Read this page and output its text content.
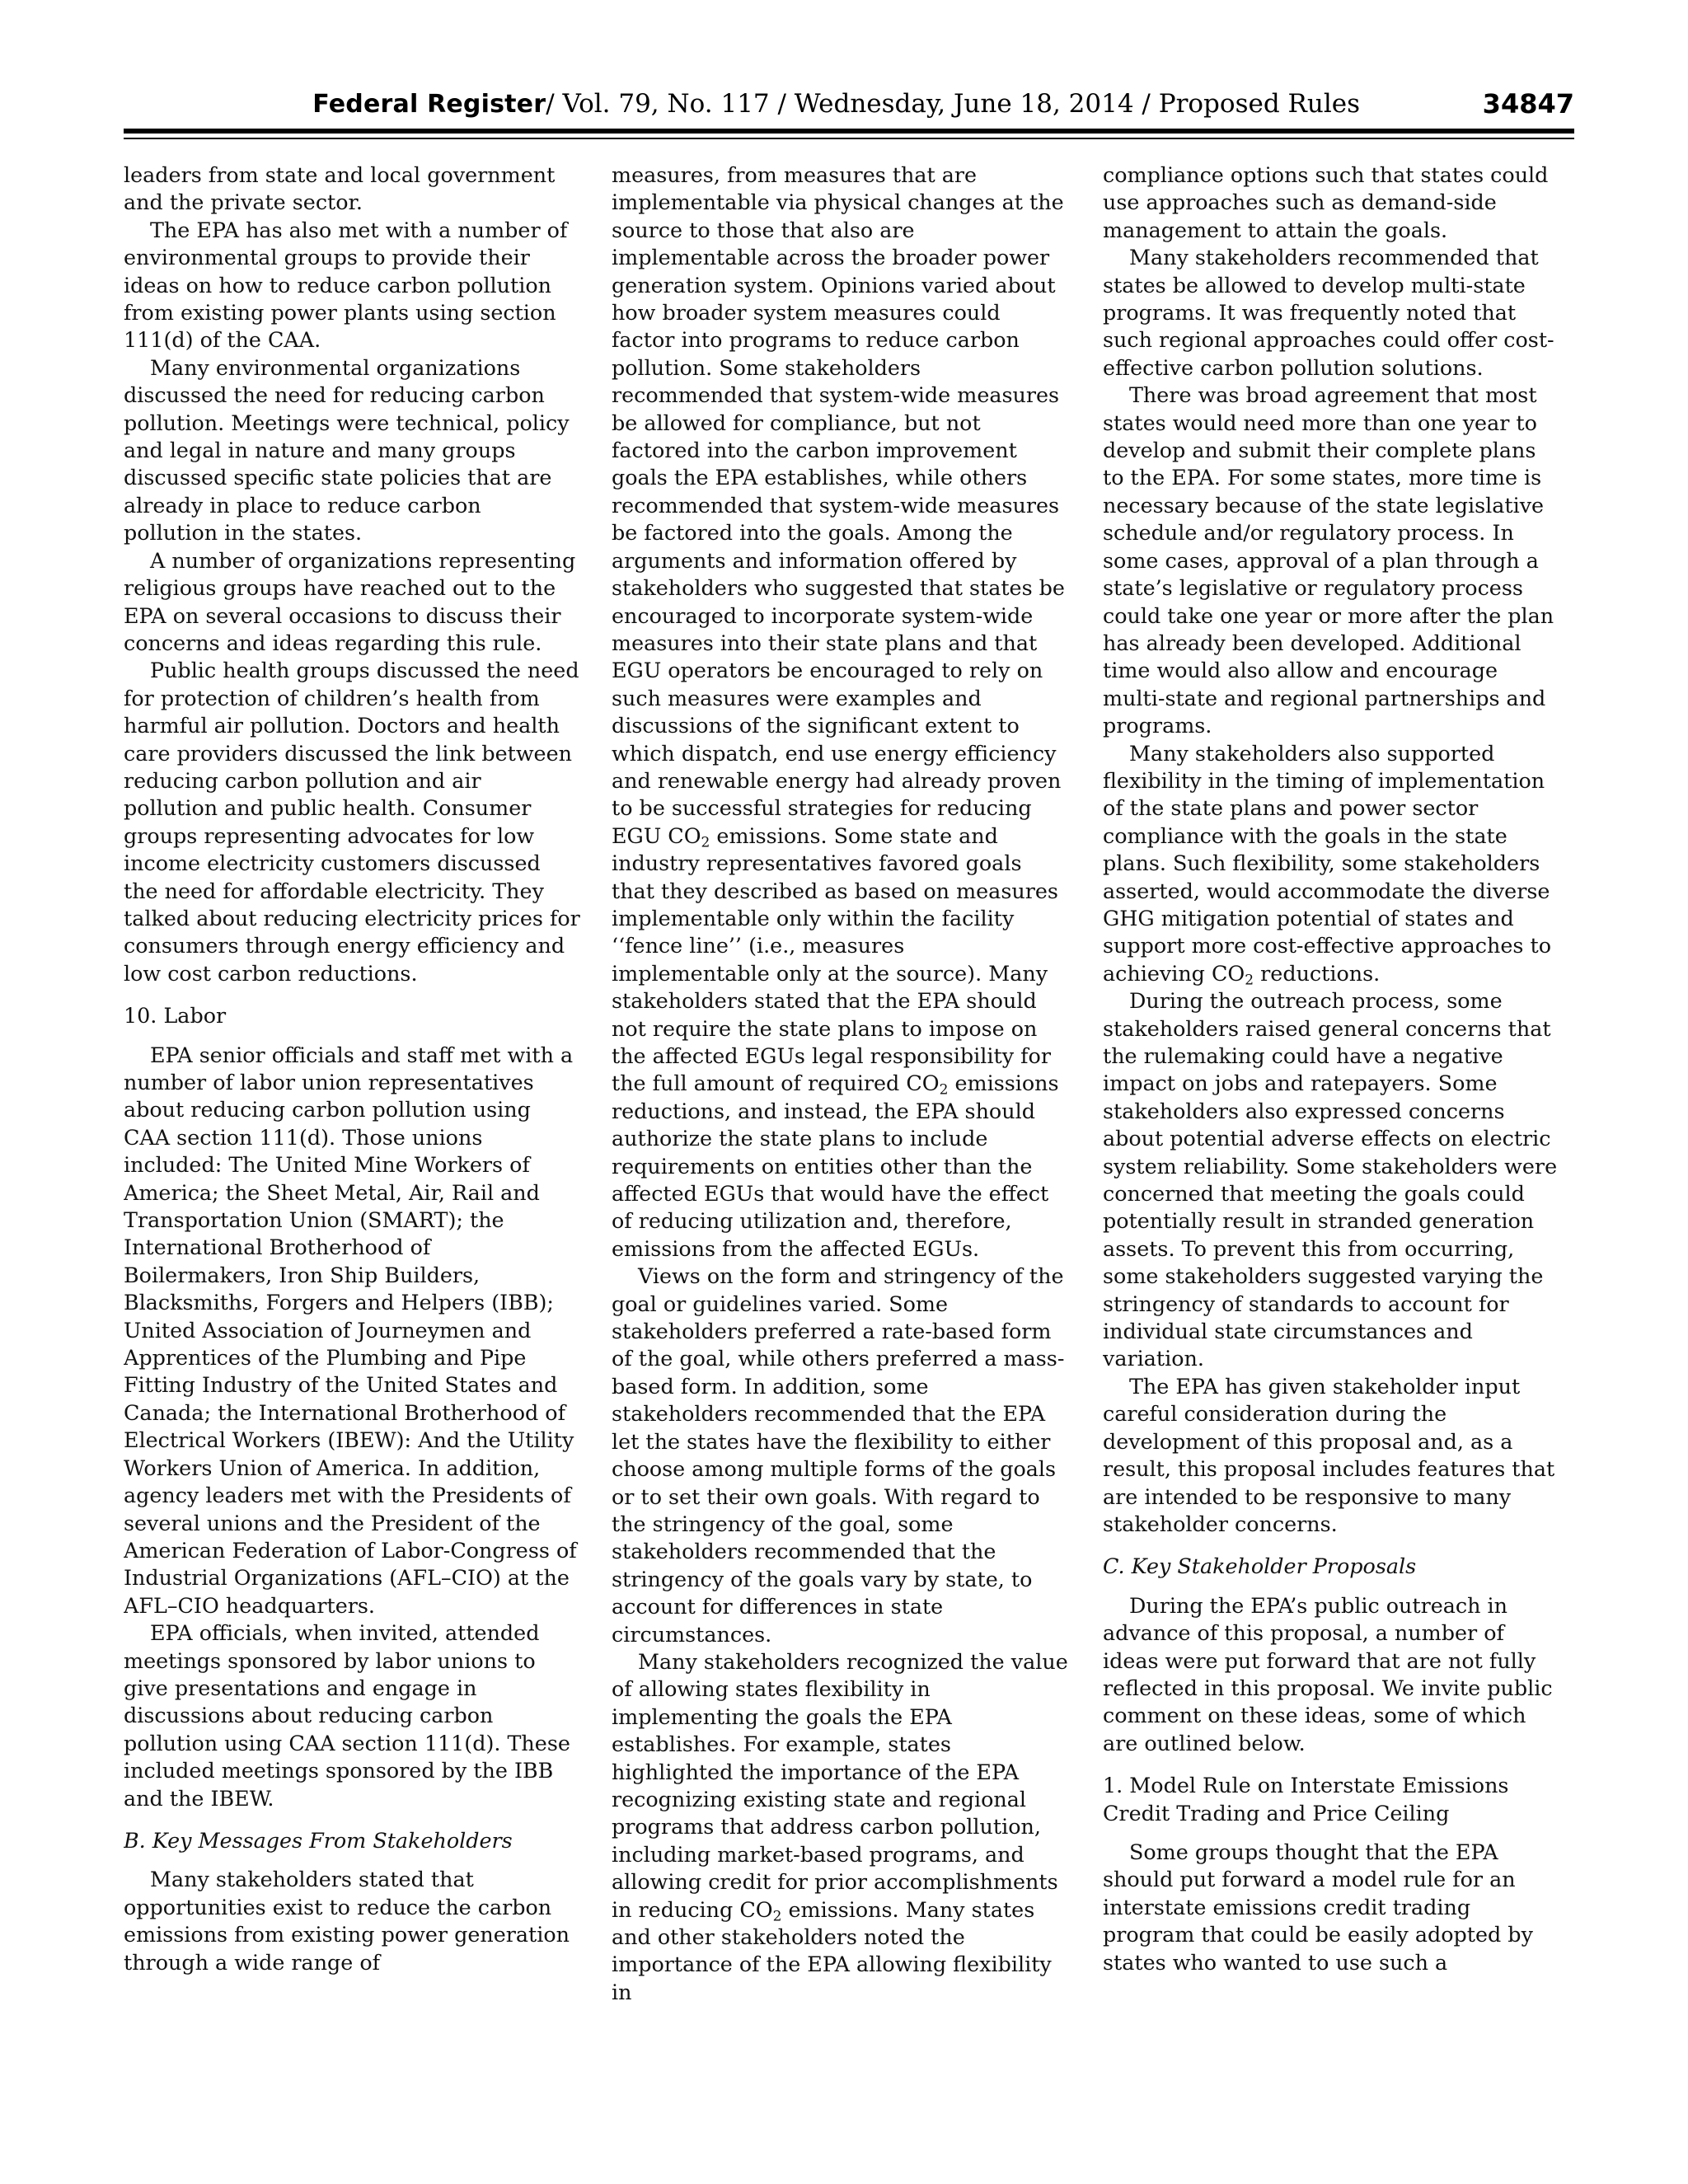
Federal Register/ Vol. 79, No. 117 / Wednesday, June 18, 2014 / Proposed Rules	34847

leaders from state and local government and the private sector.

The EPA has also met with a number of environmental groups to provide their ideas on how to reduce carbon pollution from existing power plants using section 111(d) of the CAA.

Many environmental organizations discussed the need for reducing carbon pollution. Meetings were technical, policy and legal in nature and many groups discussed specific state policies that are already in place to reduce carbon pollution in the states.

A number of organizations representing religious groups have reached out to the EPA on several occasions to discuss their concerns and ideas regarding this rule.

Public health groups discussed the need for protection of children’s health from harmful air pollution. Doctors and health care providers discussed the link between reducing carbon pollution and air pollution and public health. Consumer groups representing advocates for low income electricity customers discussed the need for affordable electricity. They talked about reducing electricity prices for consumers through energy efficiency and low cost carbon reductions.

10. Labor

EPA senior officials and staff met with a number of labor union representatives about reducing carbon pollution using CAA section 111(d). Those unions included: The United Mine Workers of America; the Sheet Metal, Air, Rail and Transportation Union (SMART); the International Brotherhood of Boilermakers, Iron Ship Builders, Blacksmiths, Forgers and Helpers (IBB); United Association of Journeymen and Apprentices of the Plumbing and Pipe Fitting Industry of the United States and Canada; the International Brotherhood of Electrical Workers (IBEW): And the Utility Workers Union of America. In addition, agency leaders met with the Presidents of several unions and the President of the American Federation of Labor-Congress of Industrial Organizations (AFL–CIO) at the AFL–CIO headquarters.

EPA officials, when invited, attended meetings sponsored by labor unions to give presentations and engage in discussions about reducing carbon pollution using CAA section 111(d). These included meetings sponsored by the IBB and the IBEW.

B. Key Messages From Stakeholders

Many stakeholders stated that opportunities exist to reduce the carbon emissions from existing power generation through a wide range of

measures, from measures that are implementable via physical changes at the source to those that also are implementable across the broader power generation system. Opinions varied about how broader system measures could factor into programs to reduce carbon pollution. Some stakeholders recommended that system-wide measures be allowed for compliance, but not factored into the carbon improvement goals the EPA establishes, while others recommended that system-wide measures be factored into the goals. Among the arguments and information offered by stakeholders who suggested that states be encouraged to incorporate system-wide measures into their state plans and that EGU operators be encouraged to rely on such measures were examples and discussions of the significant extent to which dispatch, end use energy efficiency and renewable energy had already proven to be successful strategies for reducing EGU $CO_2$ emissions. Some state and industry representatives favored goals that they described as based on measures implementable only within the facility ‘‘fence line’’ (i.e., measures implementable only at the source). Many stakeholders stated that the EPA should not require the state plans to impose on the affected EGUs legal responsibility for the full amount of required $CO_2$ emissions reductions, and instead, the EPA should authorize the state plans to include requirements on entities other than the affected EGUs that would have the effect of reducing utilization and, therefore, emissions from the affected EGUs.

Views on the form and stringency of the goal or guidelines varied. Some stakeholders preferred a rate-based form of the goal, while others preferred a mass-based form. In addition, some stakeholders recommended that the EPA let the states have the flexibility to either choose among multiple forms of the goals or to set their own goals. With regard to the stringency of the goal, some stakeholders recommended that the stringency of the goals vary by state, to account for differences in state circumstances.

Many stakeholders recognized the value of allowing states flexibility in implementing the goals the EPA establishes. For example, states highlighted the importance of the EPA recognizing existing state and regional programs that address carbon pollution, including market-based programs, and allowing credit for prior accomplishments in reducing $CO_2$ emissions. Many states and other stakeholders noted the importance of the EPA allowing flexibility in

compliance options such that states could use approaches such as demand-side management to attain the goals.

Many stakeholders recommended that states be allowed to develop multi-state programs. It was frequently noted that such regional approaches could offer cost-effective carbon pollution solutions.

There was broad agreement that most states would need more than one year to develop and submit their complete plans to the EPA. For some states, more time is necessary because of the state legislative schedule and/or regulatory process. In some cases, approval of a plan through a state’s legislative or regulatory process could take one year or more after the plan has already been developed. Additional time would also allow and encourage multi-state and regional partnerships and programs.

Many stakeholders also supported flexibility in the timing of implementation of the state plans and power sector compliance with the goals in the state plans. Such flexibility, some stakeholders asserted, would accommodate the diverse GHG mitigation potential of states and support more cost-effective approaches to achieving $CO_2$ reductions.

During the outreach process, some stakeholders raised general concerns that the rulemaking could have a negative impact on jobs and ratepayers. Some stakeholders also expressed concerns about potential adverse effects on electric system reliability. Some stakeholders were concerned that meeting the goals could potentially result in stranded generation assets. To prevent this from occurring, some stakeholders suggested varying the stringency of standards to account for individual state circumstances and variation.

The EPA has given stakeholder input careful consideration during the development of this proposal and, as a result, this proposal includes features that are intended to be responsive to many stakeholder concerns.

C. Key Stakeholder Proposals

During the EPA’s public outreach in advance of this proposal, a number of ideas were put forward that are not fully reflected in this proposal. We invite public comment on these ideas, some of which are outlined below.

1. Model Rule on Interstate Emissions Credit Trading and Price Ceiling

Some groups thought that the EPA should put forward a model rule for an interstate emissions credit trading program that could be easily adopted by states who wanted to use such a
